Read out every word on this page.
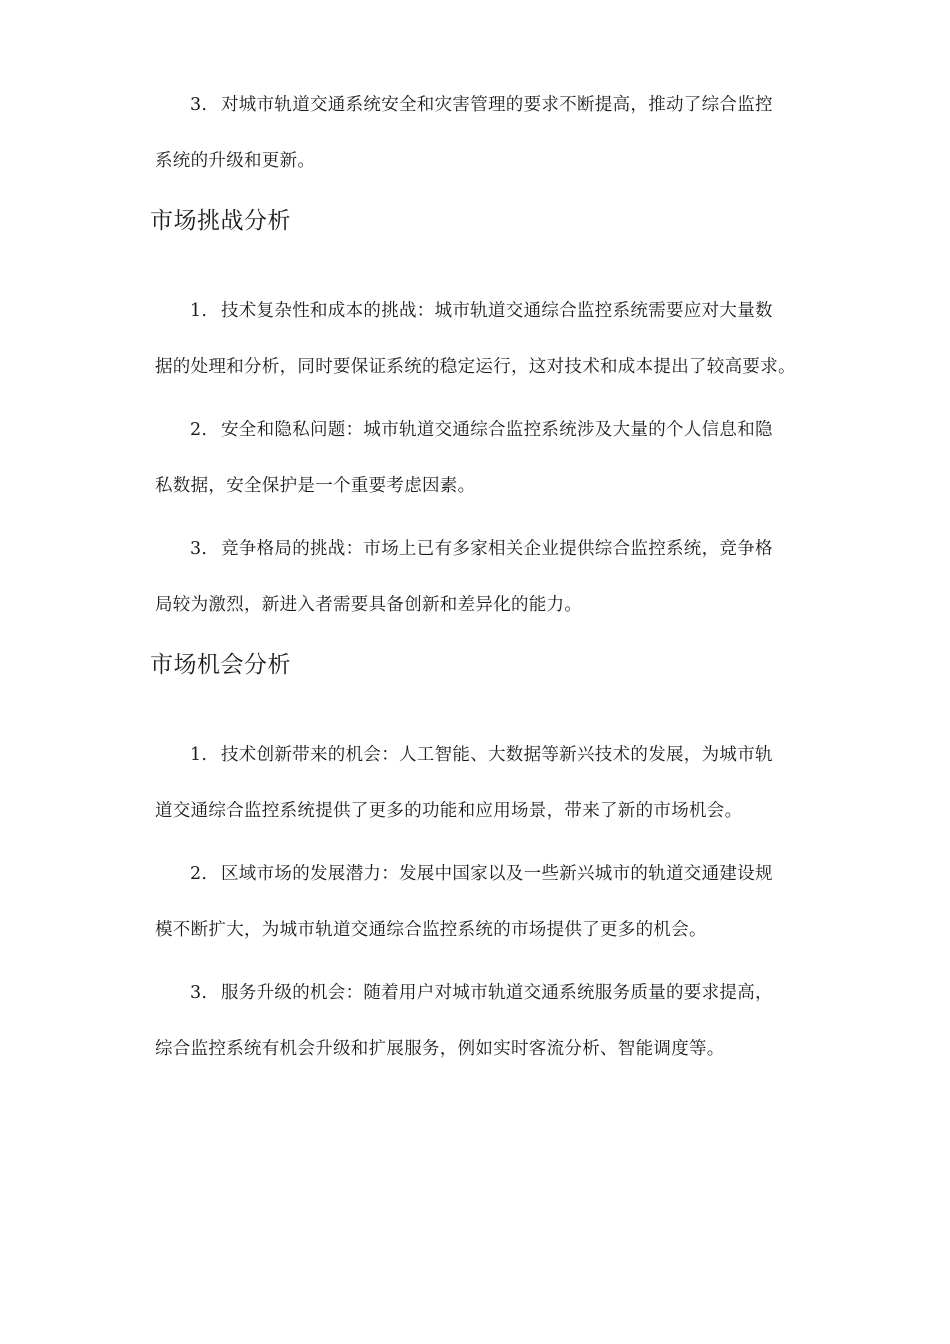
3. 对城市轨道交通系统安全和灾害管理的要求不断提高，推动了综合监控
系统的升级和更新。
市场挑战分析
1. 技术复杂性和成本的挑战：城市轨道交通综合监控系统需要应对大量数
据的处理和分析，同时要保证系统的稳定运行，这对技术和成本提出了较高要求。
2. 安全和隐私问题：城市轨道交通综合监控系统涉及大量的个人信息和隐
私数据，安全保护是一个重要考虑因素。
3. 竞争格局的挑战：市场上已有多家相关企业提供综合监控系统，竞争格
局较为激烈，新进入者需要具备创新和差异化的能力。
市场机会分析
1. 技术创新带来的机会：人工智能、大数据等新兴技术的发展，为城市轨
道交通综合监控系统提供了更多的功能和应用场景，带来了新的市场机会。
2. 区域市场的发展潜力：发展中国家以及一些新兴城市的轨道交通建设规
模不断扩大，为城市轨道交通综合监控系统的市场提供了更多的机会。
3. 服务升级的机会：随着用户对城市轨道交通系统服务质量的要求提高，
综合监控系统有机会升级和扩展服务，例如实时客流分析、智能调度等。
